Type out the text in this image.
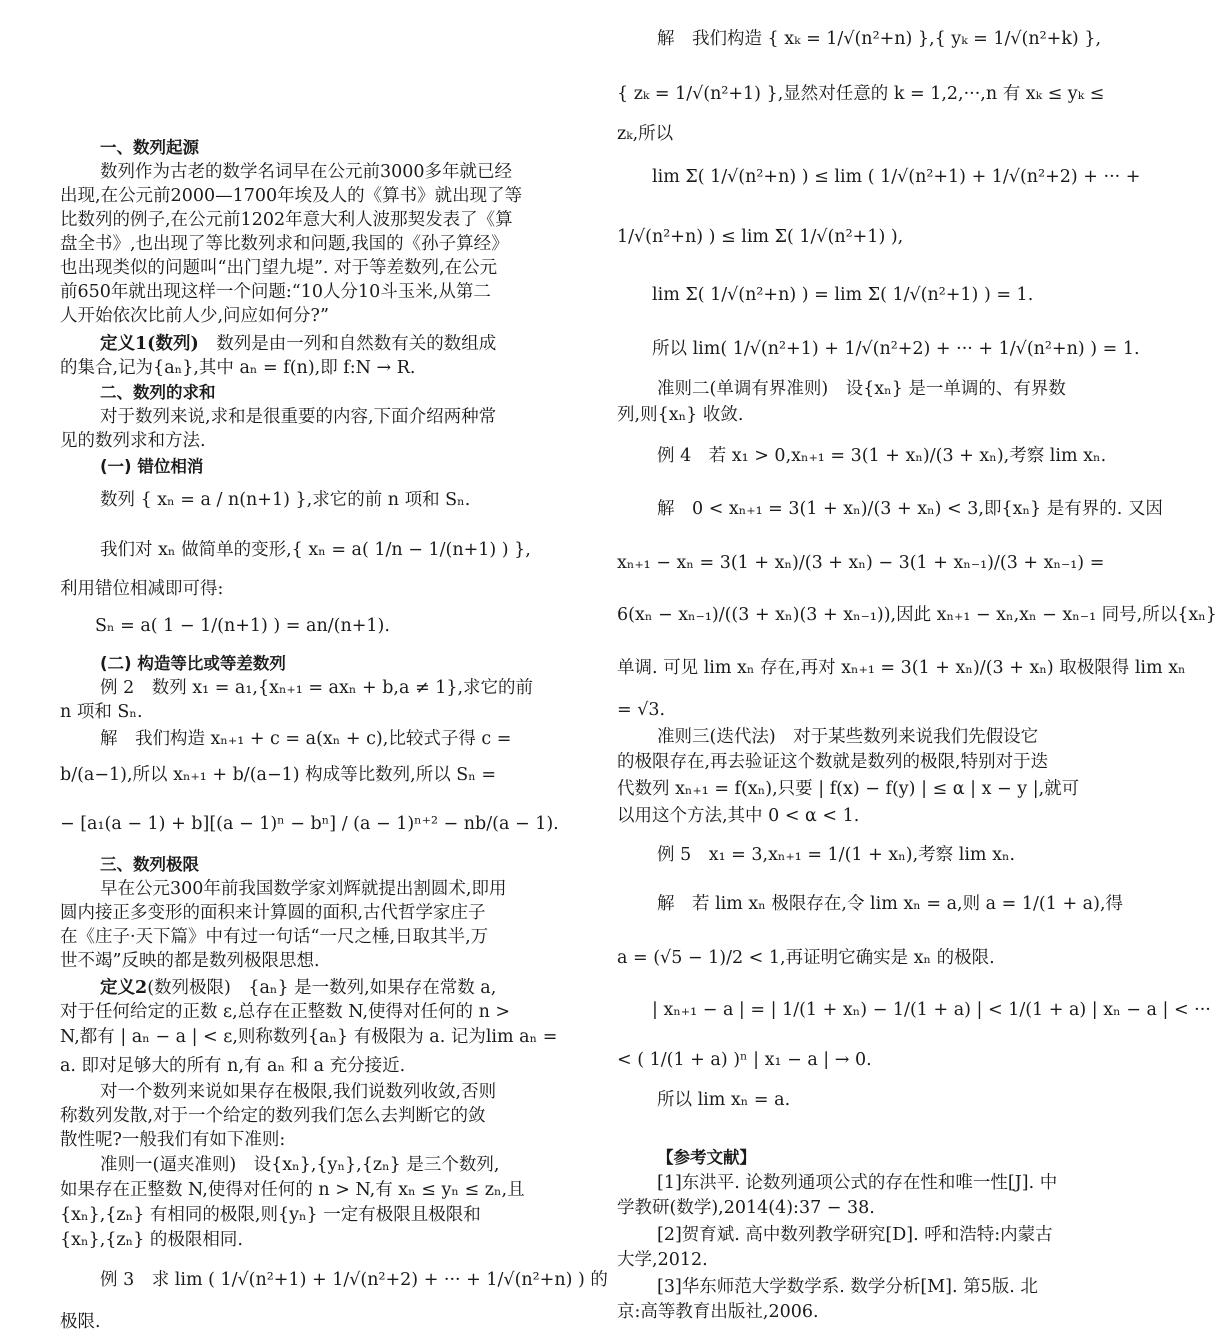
一、数列起源
数列作为古老的数学名词早在公元前3000多年就已经
出现,在公元前2000—1700年埃及人的《算书》就出现了等
比数列的例子,在公元前1202年意大利人波那契发表了《算
盘全书》,也出现了等比数列求和问题,我国的《孙子算经》
也出现类似的问题叫“出门望九堤”. 对于等差数列,在公元
前650年就出现这样一个问题:“10人分10斗玉米,从第二
人开始依次比前人少,问应如何分?”
定义1(数列)　 数列是由一列和自然数有关的数组成
的集合,记为{aₙ},其中 aₙ = f(n),即 f:N → R.
二、数列的求和
对于数列来说,求和是很重要的内容,下面介绍两种常
见的数列求和方法.
(一) 错位相消
数列 { xₙ = a / n(n+1) },求它的前 n 项和 Sₙ.
我们对 xₙ 做简单的变形,{ xₙ = a( 1/n − 1/(n+1) ) },
利用错位相减即可得:
Sₙ = a( 1 − 1/(n+1) ) = an/(n+1).
(二) 构造等比或等差数列
例 2　数列 x₁ = a₁,{xₙ₊₁ = axₙ + b,a ≠ 1},求它的前
n 项和 Sₙ.
解　我们构造 xₙ₊₁ + c = a(xₙ + c),比较式子得 c =
b/(a−1),所以 xₙ₊₁ + b/(a−1) 构成等比数列,所以 Sₙ =
− [a₁(a − 1) + b][(a − 1)ⁿ − bⁿ] / (a − 1)ⁿ⁺² − nb/(a − 1).
三、数列极限
早在公元300年前我国数学家刘辉就提出割圆术,即用
圆内接正多变形的面积来计算圆的面积,古代哲学家庄子
在《庄子·天下篇》中有过一句话“一尺之棰,日取其半,万
世不竭”反映的都是数列极限思想.
定义2(数列极限)　{aₙ} 是一数列,如果存在常数 a,
对于任何给定的正数 ε,总存在正整数 N,使得对任何的 n >
N,都有 | aₙ − a | < ε,则称数列{aₙ} 有极限为 a. 记为lim aₙ =
a. 即对足够大的所有 n,有 aₙ 和 a 充分接近.
对一个数列来说如果存在极限,我们说数列收敛,否则
称数列发散,对于一个给定的数列我们怎么去判断它的敛
散性呢?一般我们有如下准则:
准则一(逼夹准则)　设{xₙ},{yₙ},{zₙ} 是三个数列,
如果存在正整数 N,使得对任何的 n > N,有 xₙ ≤ yₙ ≤ zₙ,且
{xₙ},{zₙ} 有相同的极限,则{yₙ} 一定有极限且极限和
{xₙ},{zₙ} 的极限相同.
例 3　求 lim ( 1/√(n²+1) + 1/√(n²+2) + ··· + 1/√(n²+n) ) 的
极限.
解　我们构造 { xₖ = 1/√(n²+n) },{ yₖ = 1/√(n²+k) },
{ zₖ = 1/√(n²+1) },显然对任意的 k = 1,2,···,n 有 xₖ ≤ yₖ ≤
zₖ,所以
lim Σ( 1/√(n²+n) ) ≤ lim ( 1/√(n²+1) + 1/√(n²+2) + ··· +
1/√(n²+n) ) ≤ lim Σ( 1/√(n²+1) ),
lim Σ( 1/√(n²+n) ) = lim Σ( 1/√(n²+1) ) = 1.
所以 lim( 1/√(n²+1) + 1/√(n²+2) + ··· + 1/√(n²+n) ) = 1.
准则二(单调有界准则)　设{xₙ} 是一单调的、有界数
列,则{xₙ} 收敛.
例 4　若 x₁ > 0,xₙ₊₁ = 3(1 + xₙ)/(3 + xₙ),考察 lim xₙ.
解　0 < xₙ₊₁ = 3(1 + xₙ)/(3 + xₙ) < 3,即{xₙ} 是有界的. 又因
xₙ₊₁ − xₙ = 3(1 + xₙ)/(3 + xₙ) − 3(1 + xₙ₋₁)/(3 + xₙ₋₁) =
6(xₙ − xₙ₋₁)/((3 + xₙ)(3 + xₙ₋₁)),因此 xₙ₊₁ − xₙ,xₙ − xₙ₋₁ 同号,所以{xₙ}
单调. 可见 lim xₙ 存在,再对 xₙ₊₁ = 3(1 + xₙ)/(3 + xₙ) 取极限得 lim xₙ
= √3.
准则三(迭代法)　对于某些数列来说我们先假设它
的极限存在,再去验证这个数就是数列的极限,特别对于迭
代数列 xₙ₊₁ = f(xₙ),只要 | f(x) − f(y) | ≤ α | x − y |,就可
以用这个方法,其中 0 < α < 1.
例 5　x₁ = 3,xₙ₊₁ = 1/(1 + xₙ),考察 lim xₙ.
解　若 lim xₙ 极限存在,令 lim xₙ = a,则 a = 1/(1 + a),得
a = (√5 − 1)/2 < 1,再证明它确实是 xₙ 的极限.
| xₙ₊₁ − a | = | 1/(1 + xₙ) − 1/(1 + a) | < 1/(1 + a) | xₙ − a | < ···
< ( 1/(1 + a) )ⁿ | x₁ − a | → 0.
所以 lim xₙ = a.
【参考文献】
[1]东洪平. 论数列通项公式的存在性和唯一性[J]. 中
学教研(数学),2014(4):37 − 38.
[2]贺育斌. 高中数列教学研究[D]. 呼和浩特:内蒙古
大学,2012.
[3]华东师范大学数学系. 数学分析[M]. 第5版. 北
京:高等教育出版社,2006.
